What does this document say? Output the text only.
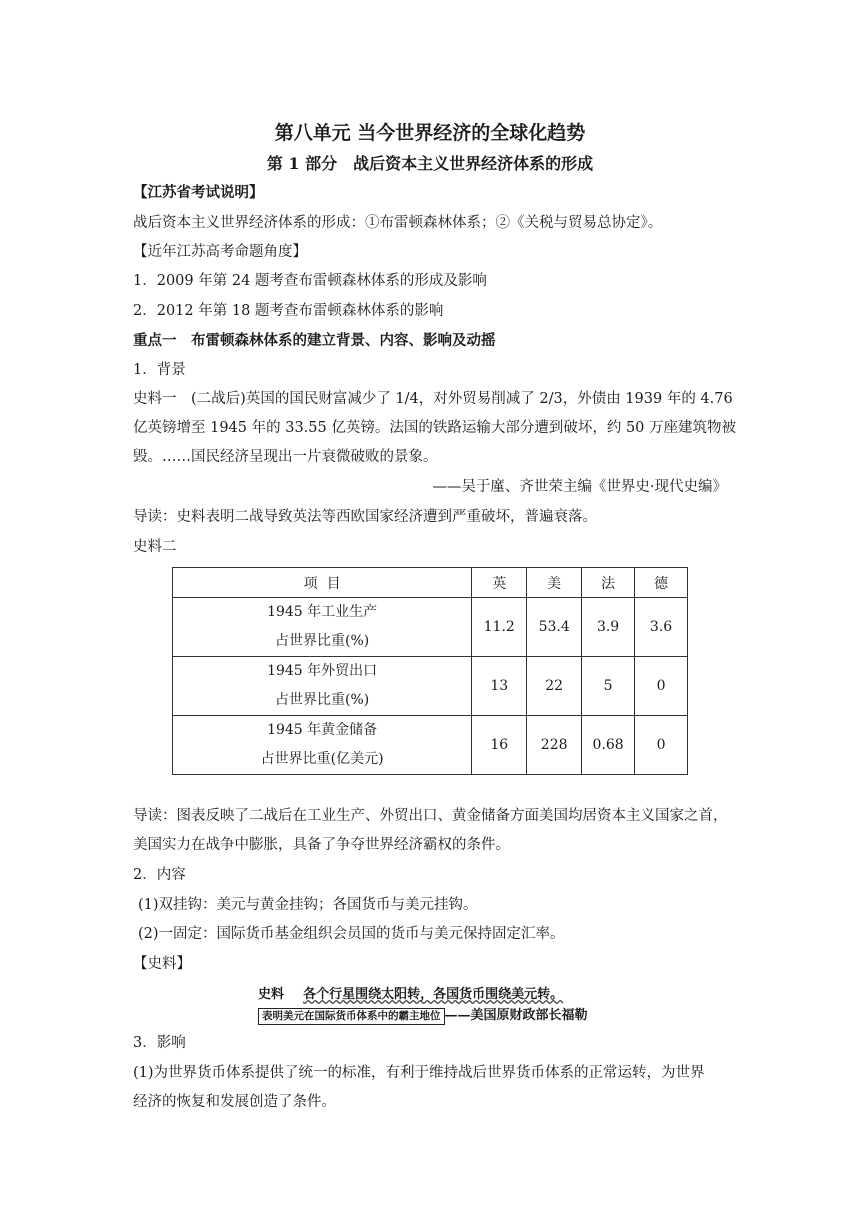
第八单元 当今世界经济的全球化趋势
第 1 部分　战后资本主义世界经济体系的形成
【江苏省考试说明】
战后资本主义世界经济体系的形成：①布雷顿森林体系；②《关税与贸易总协定》。
【近年江苏高考命题角度】
1．2009 年第 24 题考查布雷顿森林体系的形成及影响
2．2012 年第 18 题考查布雷顿森林体系的影响
重点一　布雷顿森林体系的建立背景、内容、影响及动摇
1．背景
史料一　(二战后)英国的国民财富减少了 1/4，对外贸易削减了 2/3，外债由 1939 年的 4.76
亿英镑增至 1945 年的 33.55 亿英镑。法国的铁路运输大部分遭到破坏，约 50 万座建筑物被
毁。……国民经济呈现出一片衰微破败的景象。
——吴于廑、齐世荣主编《世界史·现代史编》
导读：史料表明二战导致英法等西欧国家经济遭到严重破坏，普遍衰落。
史料二
项  目	英	美	法	德

1945 年工业生产
占世界比重(%)	11.2	53.4	3.9	3.6

1945 年外贸出口
占世界比重(%)	13	22	5	0

1945 年黄金储备
占世界比重(亿美元)	16	228	0.68	0
导读：图表反映了二战后在工业生产、外贸出口、黄金储备方面美国均居资本主义国家之首，
美国实力在战争中膨胀，具备了争夺世界经济霸权的条件。
2．内容
(1)双挂钩：美元与黄金挂钩；各国货币与美元挂钩。
(2)一固定：国际货币基金组织会员国的货币与美元保持固定汇率。
【史料】
史料 各个行星围绕太阳转，各国货币围绕美元转。
表明美元在国际货币体系中的霸主地位 ——美国原财政部长福勒
3．影响
(1)为世界货币体系提供了统一的标准，有利于维持战后世界货币体系的正常运转，为世界
经济的恢复和发展创造了条件。
